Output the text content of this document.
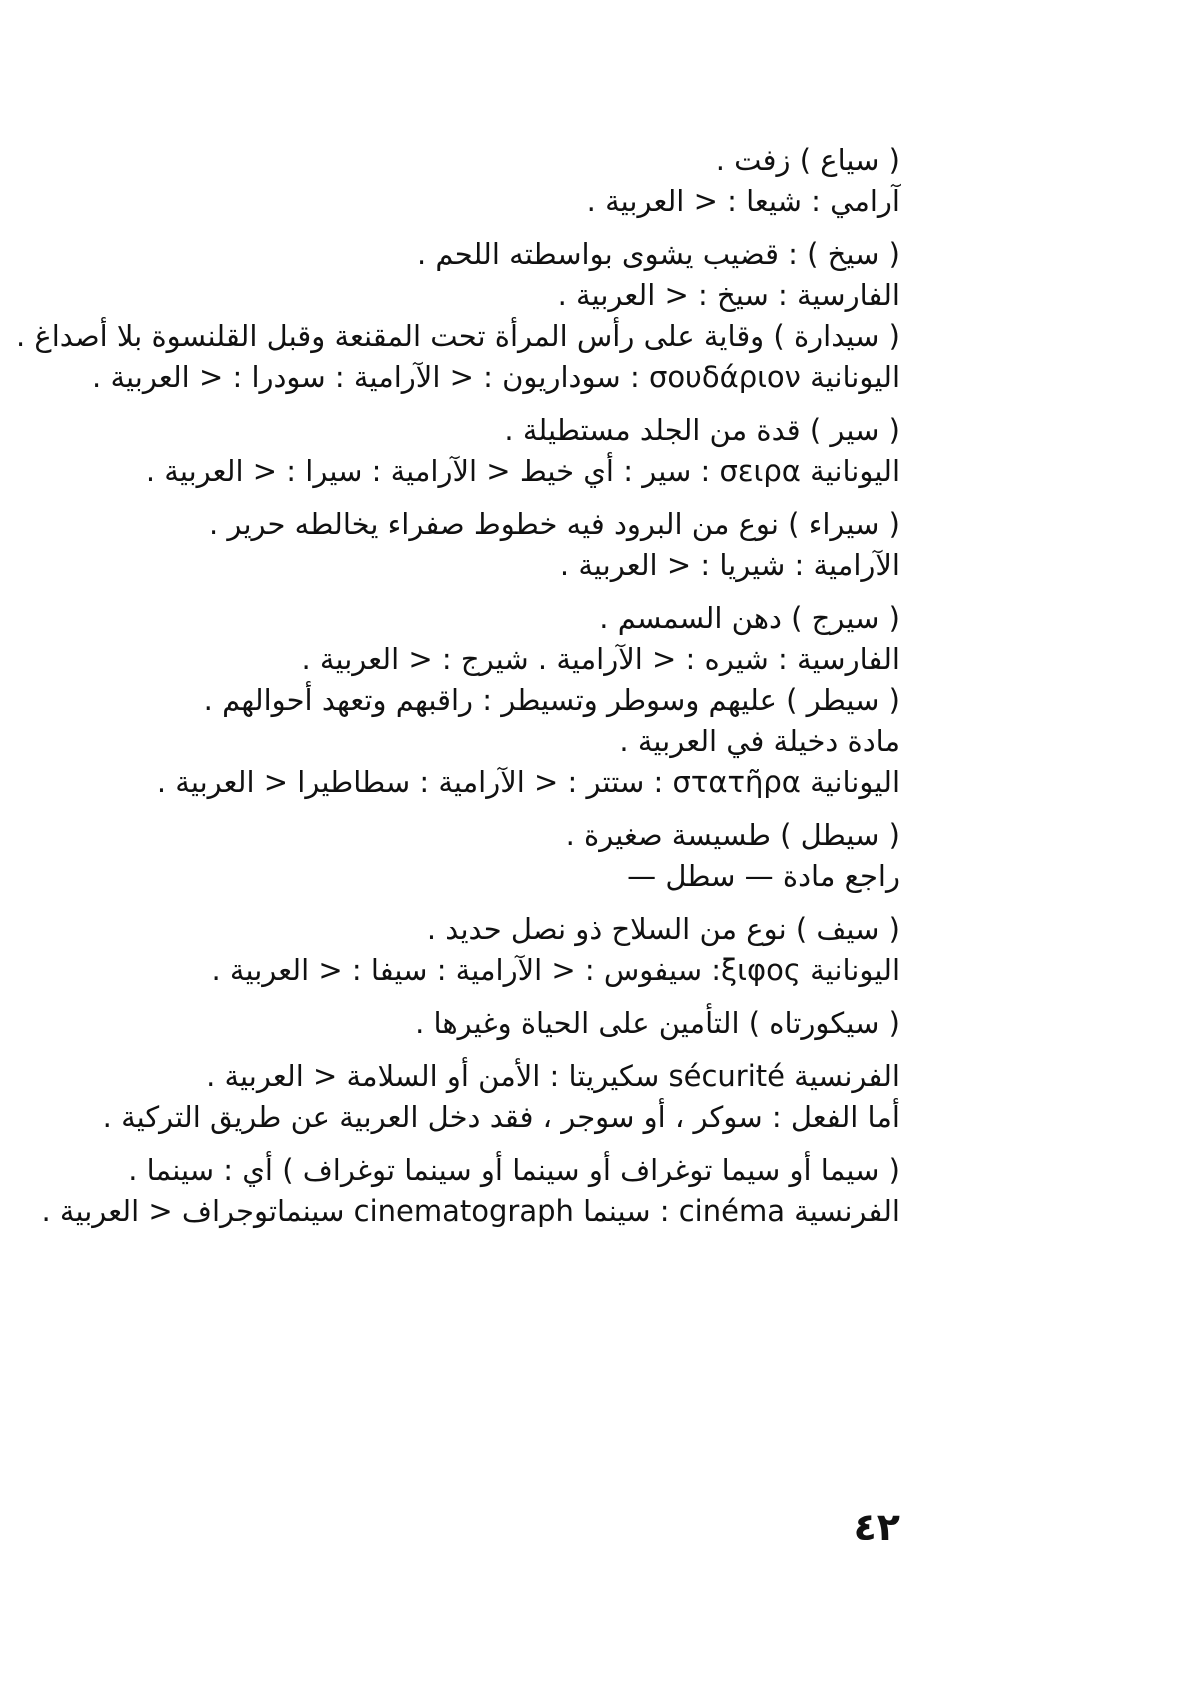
( سياع ) زفت .
آرامي : شيعا : < العربية .
( سيخ ) : قضيب يشوى بواسطته اللحم .
الفارسية : سيخ : < العربية .
( سيدارة ) وقاية على رأس المرأة تحت المقنعة وقبل القلنسوة بلا أصداغ .
اليونانية σουδάριον : سوداريون : < الآرامية : سودرا : < العربية .
( سير ) قدة من الجلد مستطيلة .
اليونانية σειρα : سير : أي خيط < الآرامية : سيرا : < العربية .
( سيراء ) نوع من البرود فيه خطوط صفراء يخالطه حرير .
الآرامية : شيريا : < العربية .
( سيرج ) دهن السمسم .
الفارسية : شيره : < الآرامية . شيرج : < العربية .
( سيطر ) عليهم وسوطر وتسيطر : راقبهم وتعهد أحوالهم .
مادة دخيلة في العربية .
اليونانية στατῆρα : ستتر : < الآرامية : سطاطيرا < العربية .
( سيطل ) طسيسة صغيرة .
راجع مادة — سطل —
( سيف ) نوع من السلاح ذو نصل حديد .
اليونانية ξιφος: سيفوس : < الآرامية : سيفا : < العربية .
( سيكورتاه ) التأمين على الحياة وغيرها .
الفرنسية sécurité سكيريتا : الأمن أو السلامة < العربية .
أما الفعل : سوكر ، أو سوجر ، فقد دخل العربية عن طريق التركية .
( سيما أو سيما توغراف أو سينما أو سينما توغراف ) أي : سينما .
الفرنسية cinéma : سينما cinematograph سينماتوجراف < العربية .
٤٢
